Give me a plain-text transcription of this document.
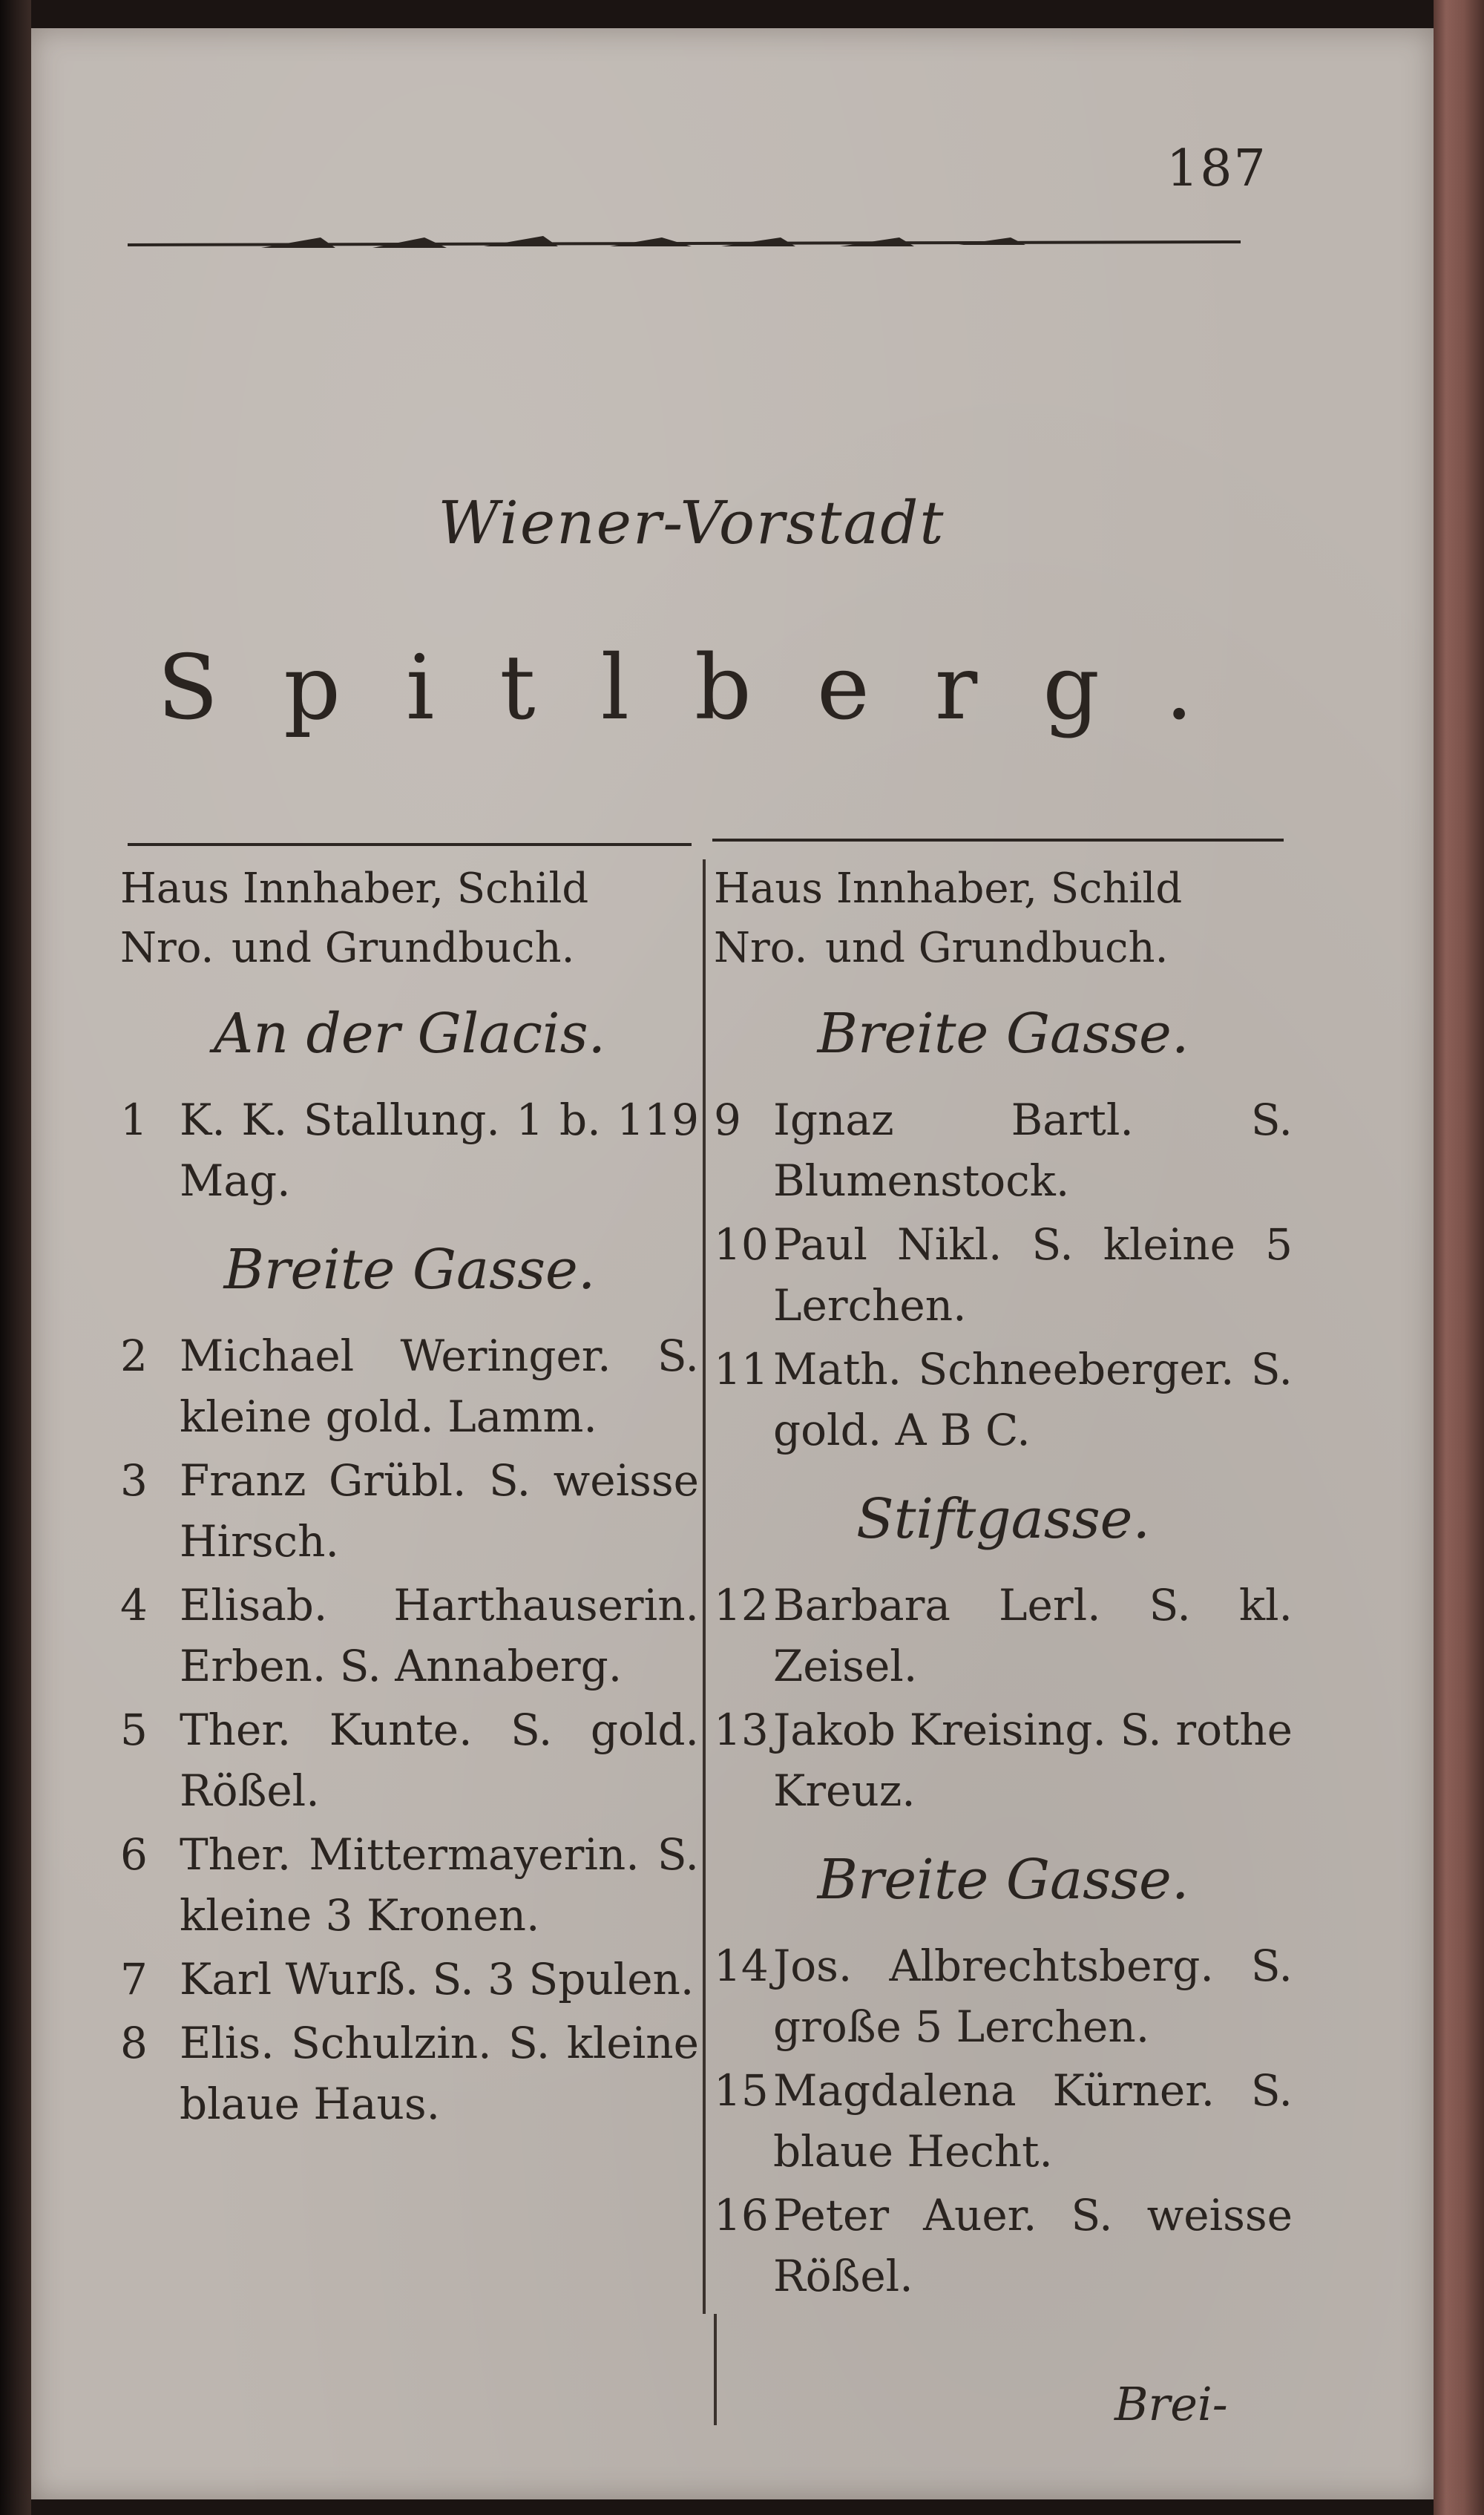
187
Wiener-Vorstadt
Spitlberg.
Haus Innhaber, Schild
Nro. und Grundbuch.
An der Glacis.
1 K. K. Stallung. 1 b. 119 Mag.
Breite Gasse.
2 Michael Weringer. S. kleine gold. Lamm.
3 Franz Grübl. S. weisse Hirsch.
4 Elisab. Harthauserin. Erben. S. Annaberg.
5 Ther. Kunte. S. gold. Rößel.
6 Ther. Mittermayerin. S. kleine 3 Kronen.
7 Karl Wurß. S. 3 Spulen.
8 Elis. Schulzin. S. kleine blaue Haus.
Haus Innhaber, Schild
Nro. und Grundbuch.
Breite Gasse.
9 Ignaz Bartl. S. Blumenstock.
10 Paul Nikl. S. kleine 5 Lerchen.
11 Math. Schneeberger. S. gold. A B C.
Stiftgasse.
12 Barbara Lerl. S. kl. Zeisel.
13 Jakob Kreising. S. rothe Kreuz.
Breite Gasse.
14 Jos. Albrechtsberg. S. große 5 Lerchen.
15 Magdalena Kürner. S. blaue Hecht.
16 Peter Auer. S. weisse Rößel.
Brei-
